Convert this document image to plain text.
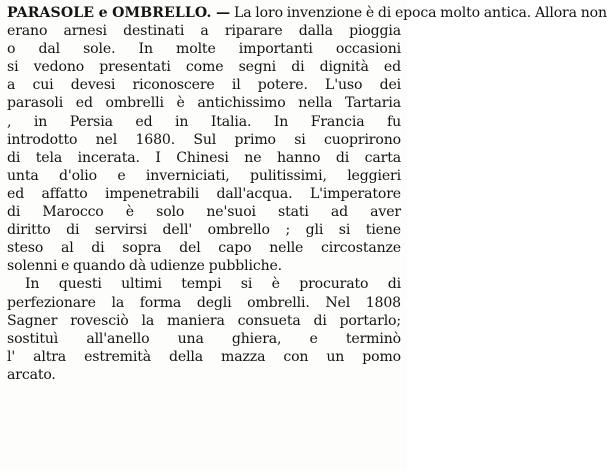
PARASOLE e OMBRELLO. — La loro invenzione è di epoca molto antica. Allora non
erano arnesi destinati a riparare dalla pioggia
o dal sole. In molte importanti occasioni
si vedono presentati come segni di dignità ed
a cui devesi riconoscere il potere. L'uso dei
parasoli ed ombrelli è antichissimo nella Tartaria
, in Persia ed in Italia. In Francia fu
introdotto nel 1680. Sul primo si cuoprirono
di tela incerata. I Chinesi ne hanno di carta
unta d'olio e inverniciati, pulitissimi, leggieri
ed affatto impenetrabili dall'acqua. L'imperatore
di Marocco è solo ne'suoi stati ad aver
diritto di servirsi dell' ombrello ; gli si tiene
steso al di sopra del capo nelle circostanze
solenni e quando dà udienze pubbliche.
In questi ultimi tempi si è procurato di
perfezionare la forma degli ombrelli. Nel 1808
Sagner rovesciò la maniera consueta di portarlo;
sostituì all'anello una ghiera, e terminò
l' altra estremità della mazza con un pomo
arcato.
